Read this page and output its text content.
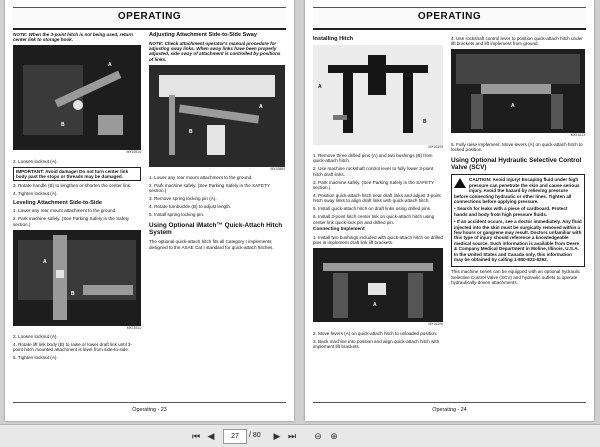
OPERATING

NOTE: When the 3-point hitch is not being used, return center link to storage hook.

A
B
MX15514

2. Loosen locknut (A).

IMPORTANT: Avoid damage! Do not turn center link body past the stops or threads may be damaged.

3. Rotate handle (B) to lengthen or shorten the center link.

4. Tighten locknut (A).

Leveling Attachment Side-to-Side

1. Lower any rear mount attachment to the ground.

2. Park machine safely. (See Parking Safely in the Safety section.)

A
B
MX15511

3. Loosen locknut (A).

4. Rotate lift link body (B) to raise or lower draft link until 3-point hitch mounted attachment is level from side-to-side.

5. Tighten locknut (A).

Adjusting Attachment Side-to-Side Sway

NOTE: Check attachment operator's manual procedure for adjusting sway links. When sway links have been properly adjusted, side sway of attachment is controlled by positions of links.

A
B
MX15884

1. Lower any rear mount attachment to the ground.

2. Park machine safely. (See Parking Safely in the SAFETY section.)

3. Remove spring locking pin (A).

4. Rotate turnbuckle (B) to adjust length.

5. Install spring locking pin.

Using Optional iMatch™ Quick-Attach Hitch System

The optional quick-attach hitch fits all Category I implements designed to the ASAE Cat I standard for quick-attach hitches.

Operating - 23
OPERATING
Installing Hitch
A
B
MX16105

1. Remove three drilled pins (A) and two bushings (B) from quick-attach hitch.

2. Use machine rockshaft control lever to fully lower 3-point hitch draft links.

3. Park machine safely. (See Parking Safely in the SAFETY section.)

4. Position quick-attach hitch near draft links and adjust 3-point hitch sway links to align draft links with quick-attach hitch.

5. Install quick-attach hitch on draft links using drilled pins.

6. Install 3-point hitch center link on quick-attach hitch using center link quick-lock pin and drilled pin.

Connecting Implement

1. Install two bushings included with quick-attach hitch on drilled pins in implement draft link lift brackets.

A
MX16106

2. Move levers (A) on quick-attach hitch to unloaded position.

3. Back machine into position and align quick-attach hitch with implement lift brackets.

4. Use rockshaft control lever to position quick-attach hitch under lift brackets and lift implement from ground.

A
MX16113

5. Fully raise implement. Move levers (A) on quick-attach hitch to locked position.

Using Optional Hydraulic Selective Control Valve (SCV)

CAUTION: Avoid injury! Escaping fluid under high pressure can penetrate the skin and cause serious injury. Avoid the hazard by relieving pressure before connecting hydraulic or other lines. Tighten all connections before applying pressure.

• Search for leaks with a piece of cardboard. Protect hands and body from high pressure fluids.

• If an accident occurs, see a doctor immediately. Any fluid injected into the skin must be surgically removed within a few hours or gangrene may result. Doctors unfamiliar with this type of injury should reference a knowledgeable medical source. Such information is available from Deere & Company Medical Department in Moline, Illinois, U.S.A. In the United States and Canada only, this information may be obtained by calling 1-800-822-8262.

This machine series can be equipped with an optional hydraulic Selective Control Valve (SCV) and hydraulic outlets to operate hydraulically-driven attachments.

Operating - 24
⏮ ◀	27	/ 80 ▶ ⏭ ⊖ ⊕
